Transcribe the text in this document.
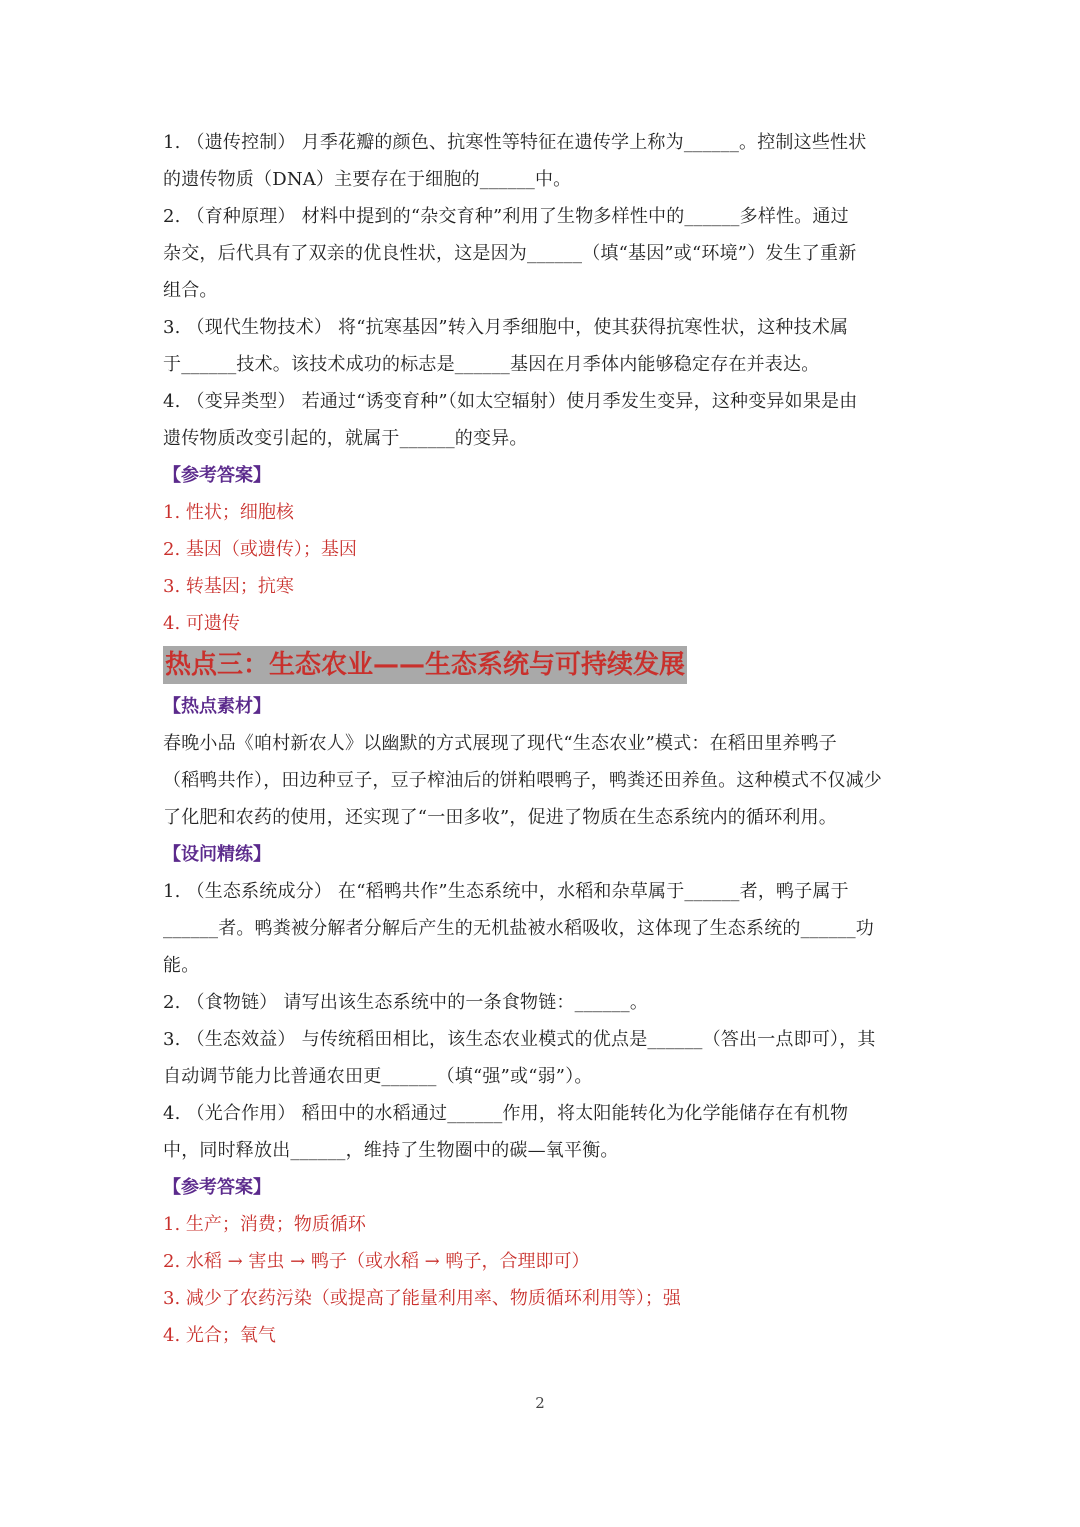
1. （遗传控制） 月季花瓣的颜色、抗寒性等特征在遗传学上称为______。控制这些性状
的遗传物质（DNA）主要存在于细胞的______中。
2. （育种原理） 材料中提到的“杂交育种”利用了生物多样性中的______多样性。通过
杂交，后代具有了双亲的优良性状，这是因为______（填“基因”或“环境”）发生了重新
组合。
3. （现代生物技术） 将“抗寒基因”转入月季细胞中，使其获得抗寒性状，这种技术属
于______技术。该技术成功的标志是______基因在月季体内能够稳定存在并表达。
4. （变异类型） 若通过“诱变育种”（如太空辐射）使月季发生变异，这种变异如果是由
遗传物质改变引起的，就属于______的变异。
【参考答案】
1. 性状；细胞核
2. 基因（或遗传）；基因
3. 转基因；抗寒
4. 可遗传
热点三：生态农业——生态系统与可持续发展
【热点素材】
春晚小品《咱村新农人》以幽默的方式展现了现代“生态农业”模式：在稻田里养鸭子
（稻鸭共作），田边种豆子，豆子榨油后的饼粕喂鸭子，鸭粪还田养鱼。这种模式不仅减少
了化肥和农药的使用，还实现了“一田多收”，促进了物质在生态系统内的循环利用。
【设问精练】
1. （生态系统成分） 在“稻鸭共作”生态系统中，水稻和杂草属于______者，鸭子属于
______者。鸭粪被分解者分解后产生的无机盐被水稻吸收，这体现了生态系统的______功
能。
2. （食物链） 请写出该生态系统中的一条食物链：______。
3. （生态效益） 与传统稻田相比，该生态农业模式的优点是______（答出一点即可），其
自动调节能力比普通农田更______（填“强”或“弱”）。
4. （光合作用） 稻田中的水稻通过______作用，将太阳能转化为化学能储存在有机物
中，同时释放出______，维持了生物圈中的碳—氧平衡。
【参考答案】
1. 生产；消费；物质循环
2. 水稻 → 害虫 → 鸭子（或水稻 → 鸭子，合理即可）
3. 减少了农药污染（或提高了能量利用率、物质循环利用等）；强
4. 光合；氧气
2
